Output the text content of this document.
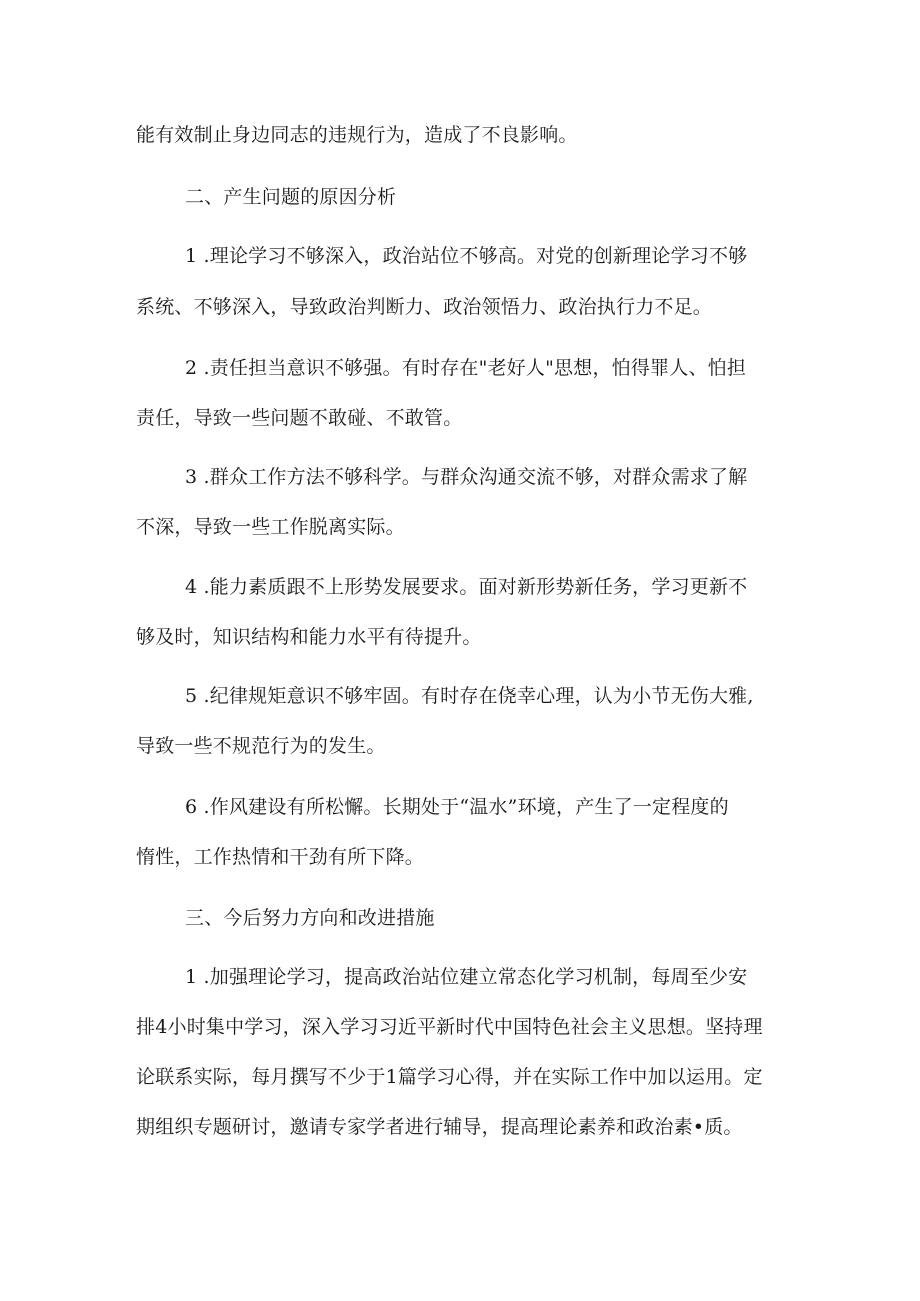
能有效制止身边同志的违规行为，造成了不良影响。
二、产生问题的原因分析
1 .理论学习不够深入，政治站位不够高。对党的创新理论学习不够
系统、不够深入，导致政治判断力、政治领悟力、政治执行力不足。
2 .责任担当意识不够强。有时存在"老好人"思想，怕得罪人、怕担
责任，导致一些问题不敢碰、不敢管。
3 .群众工作方法不够科学。与群众沟通交流不够，对群众需求了解
不深，导致一些工作脱离实际。
4 .能力素质跟不上形势发展要求。面对新形势新任务，学习更新不
够及时，知识结构和能力水平有待提升。
5 .纪律规矩意识不够牢固。有时存在侥幸心理，认为小节无伤大雅,
导致一些不规范行为的发生。
6 .作风建设有所松懈。长期处于“温水”环境，产生了一定程度的
惰性，工作热情和干劲有所下降。
三、今后努力方向和改进措施
1 .加强理论学习，提高政治站位建立常态化学习机制，每周至少安
排4小时集中学习，深入学习习近平新时代中国特色社会主义思想。坚持理
论联系实际，每月撰写不少于1篇学习心得，并在实际工作中加以运用。定
期组织专题研讨，邀请专家学者进行辅导，提高理论素养和政治素•质。
